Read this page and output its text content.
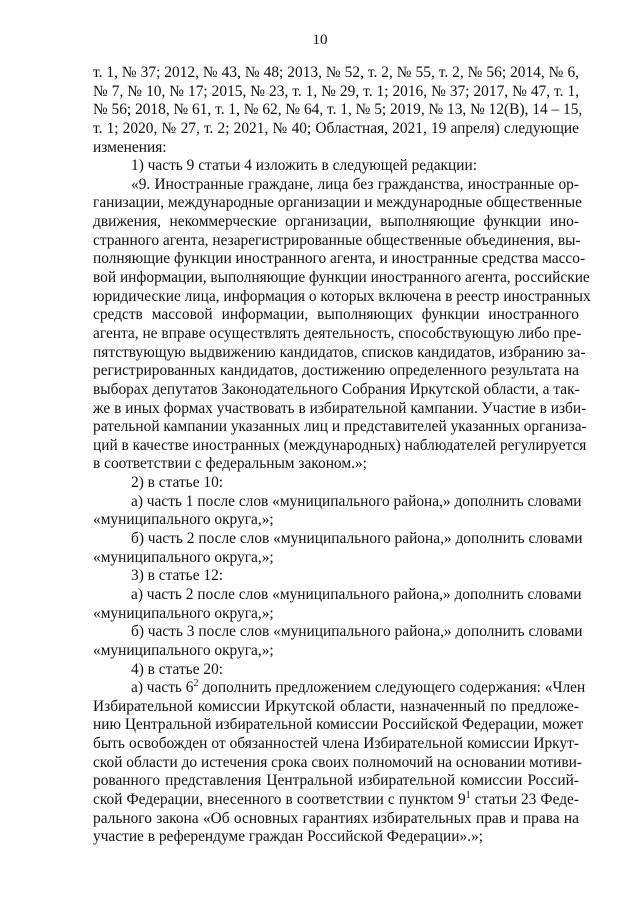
10
т. 1, № 37; 2012, № 43, № 48; 2013, № 52, т. 2, № 55, т. 2, № 56; 2014, № 6,
№ 7, № 10, № 17; 2015, № 23, т. 1, № 29, т. 1; 2016, № 37; 2017, № 47, т. 1,
№ 56; 2018, № 61, т. 1, № 62, № 64, т. 1, № 5; 2019, № 13, № 12(В), 14 – 15,
т. 1; 2020, № 27, т. 2; 2021, № 40; Областная, 2021, 19 апреля) следующие
изменения:
1) часть 9 статьи 4 изложить в следующей редакции:
«9. Иностранные граждане, лица без гражданства, иностранные ор-
ганизации, международные организации и международные общественные
движения, некоммерческие организации, выполняющие функции ино-
странного агента, незарегистрированные общественные объединения, вы-
полняющие функции иностранного агента, и иностранные средства массо-
вой информации, выполняющие функции иностранного агента, российские
юридические лица, информация о которых включена в реестр иностранных
средств массовой информации, выполняющих функции иностранного
агента, не вправе осуществлять деятельность, способствующую либо пре-
пятствующую выдвижению кандидатов, списков кандидатов, избранию за-
регистрированных кандидатов, достижению определенного результата на
выборах депутатов Законодательного Собрания Иркутской области, а так-
же в иных формах участвовать в избирательной кампании. Участие в изби-
рательной кампании указанных лиц и представителей указанных организа-
ций в качестве иностранных (международных) наблюдателей регулируется
в соответствии с федеральным законом.»;
2) в статье 10:
а) часть 1 после слов «муниципального района,» дополнить словами
«муниципального округа,»;
б) часть 2 после слов «муниципального района,» дополнить словами
«муниципального округа,»;
3) в статье 12:
а) часть 2 после слов «муниципального района,» дополнить словами
«муниципального округа,»;
б) часть 3 после слов «муниципального района,» дополнить словами
«муниципального округа,»;
4) в статье 20:
а) часть $6^2$ дополнить предложением следующего содержания: «Член
Избирательной комиссии Иркутской области, назначенный по предложе-
нию Центральной избирательной комиссии Российской Федерации, может
быть освобожден от обязанностей члена Избирательной комиссии Иркут-
ской области до истечения срока своих полномочий на основании мотиви-
рованного представления Центральной избирательной комиссии Россий-
ской Федерации, внесенного в соответствии с пунктом $9^1$ статьи 23 Феде-
рального закона «Об основных гарантиях избирательных прав и права на
участие в референдуме граждан Российской Федерации».»;
